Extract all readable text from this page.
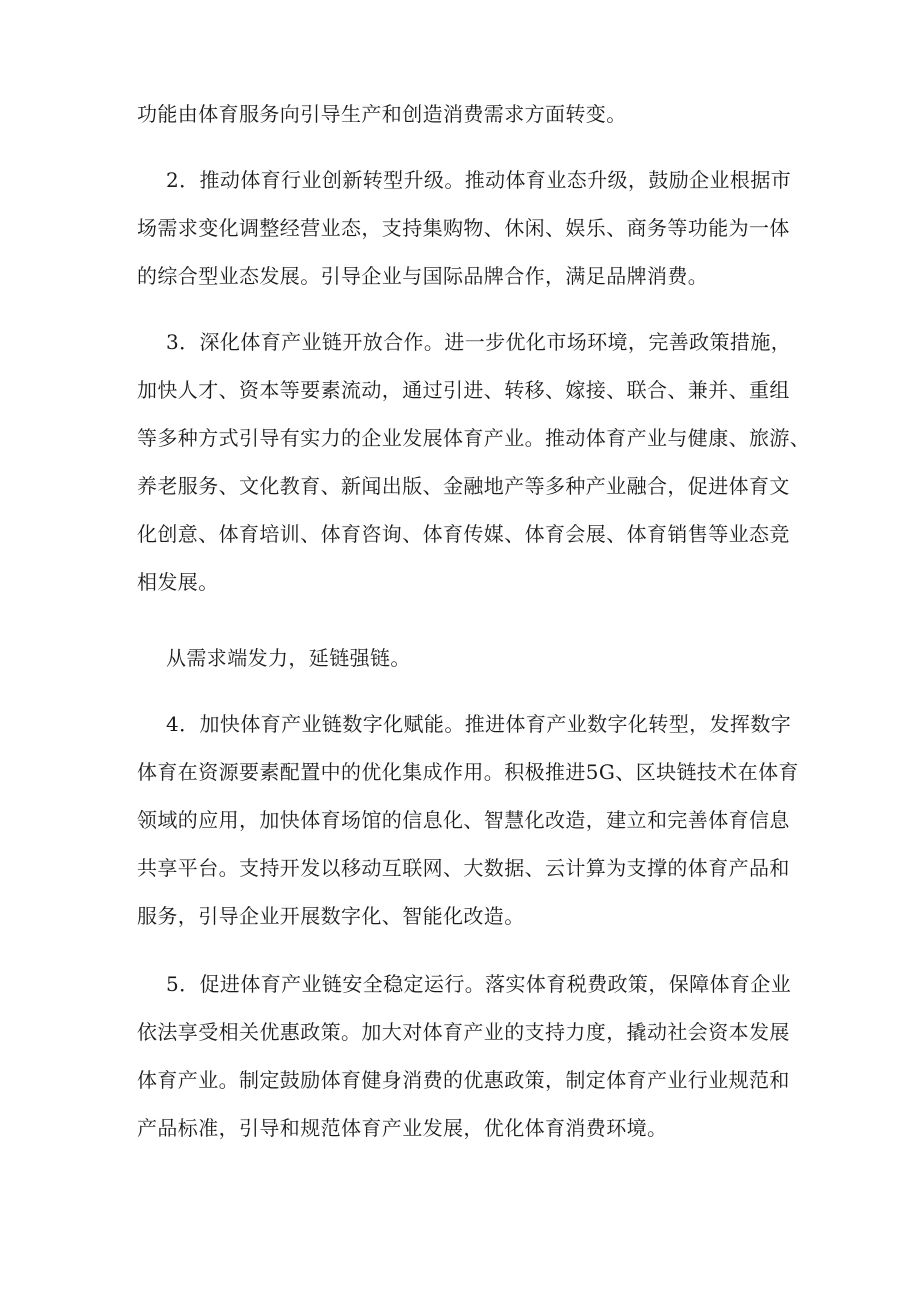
功能由体育服务向引导生产和创造消费需求方面转变。
2．推动体育行业创新转型升级。推动体育业态升级，鼓励企业根据市
场需求变化调整经营业态，支持集购物、休闲、娱乐、商务等功能为一体
的综合型业态发展。引导企业与国际品牌合作，满足品牌消费。
3．深化体育产业链开放合作。进一步优化市场环境，完善政策措施，
加快人才、资本等要素流动，通过引进、转移、嫁接、联合、兼并、重组
等多种方式引导有实力的企业发展体育产业。推动体育产业与健康、旅游、
养老服务、文化教育、新闻出版、金融地产等多种产业融合，促进体育文
化创意、体育培训、体育咨询、体育传媒、体育会展、体育销售等业态竞
相发展。
从需求端发力，延链强链。
4．加快体育产业链数字化赋能。推进体育产业数字化转型，发挥数字
体育在资源要素配置中的优化集成作用。积极推进5G、区块链技术在体育
领域的应用，加快体育场馆的信息化、智慧化改造，建立和完善体育信息
共享平台。支持开发以移动互联网、大数据、云计算为支撑的体育产品和
服务，引导企业开展数字化、智能化改造。
5．促进体育产业链安全稳定运行。落实体育税费政策，保障体育企业
依法享受相关优惠政策。加大对体育产业的支持力度，撬动社会资本发展
体育产业。制定鼓励体育健身消费的优惠政策，制定体育产业行业规范和
产品标准，引导和规范体育产业发展，优化体育消费环境。
